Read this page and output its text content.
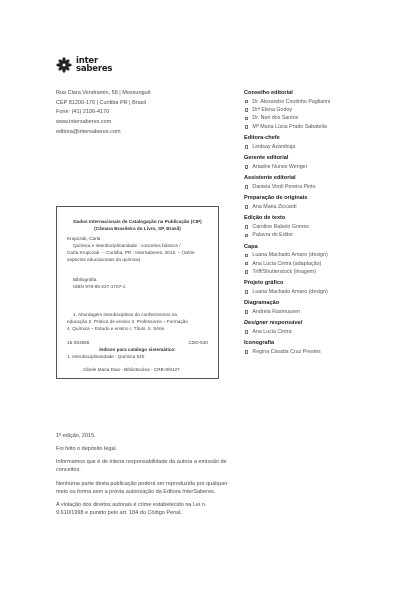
inter
saberes
Rua Clara Vendramin, 58 | Mossunguê
CEP 81200-170 | Curitiba PR | Brasil
Fone: (41) 2106-4170
www.intersaberes.com
editora@intersaberes.com
Dados Internacionais de Catalogação na Publicação (CIP)
(Câmara Brasileira do Livro, SP, Brasil)
Krupczak, Carla
Química e interdisciplinaridade : conceitos básicos /
Carla Krupczak. -- Curitiba, PR : InterSaberes, 2015. -- (Série
aspectos educacionais da química)
Bibliografia.
ISBN 978-85-227-1707-1
1. Abordagem interdisciplinar do conhecimento na
educação 2. Prática de ensino 3. Professores – Formação
4. Química – Estudo e ensino I. Título. II. Série.
15-263556	CDD-540
Índices para catálogo sistemático:
1. Interdisciplinaridade : Química 540
Cibele Maria Dias - Bibliotecária - CRB-8/9427

1ª edição, 2015.

Foi feito o depósito legal.

Informamos que é de inteira responsabilidade da autora a emissão de conceitos.

Nenhuma parte desta publicação poderá ser reproduzida por qualquer meio ou forma sem a prévia autorização da Editora InterSaberes.

A violação dos direitos autorais é crime estabelecido na Lei n. 9.610/1998 e punido pelo art. 184 do Código Penal.

Conselho editorial
Dr. Alexandre Coutinho Pagliarini
Drª Elena Godoy
Dr. Neri dos Santos
Mª Maria Lúcia Prado Sabatella
Editora-chefe
Lindsay Azambuja
Gerente editorial
Ariadne Nunes Wenger
Assistente editorial
Daniela Viroli Pereira Pinto
Preparação de originais
Ana Maria Ziccardi
Edição de texto
Caroline Rabelo Gomes
Palavra do Editor
Capa
Luana Machado Amaro (design)
Ana Lucia Cintra (adaptação)
Triff/Shutterstock (imagem)
Projeto gráfico
Luana Machado Amaro (design)
Diagramação
Andreia Rasmussen
Designer responsável
Ana Lucia Cintra
Iconografia
Regina Claudia Cruz Prestes
